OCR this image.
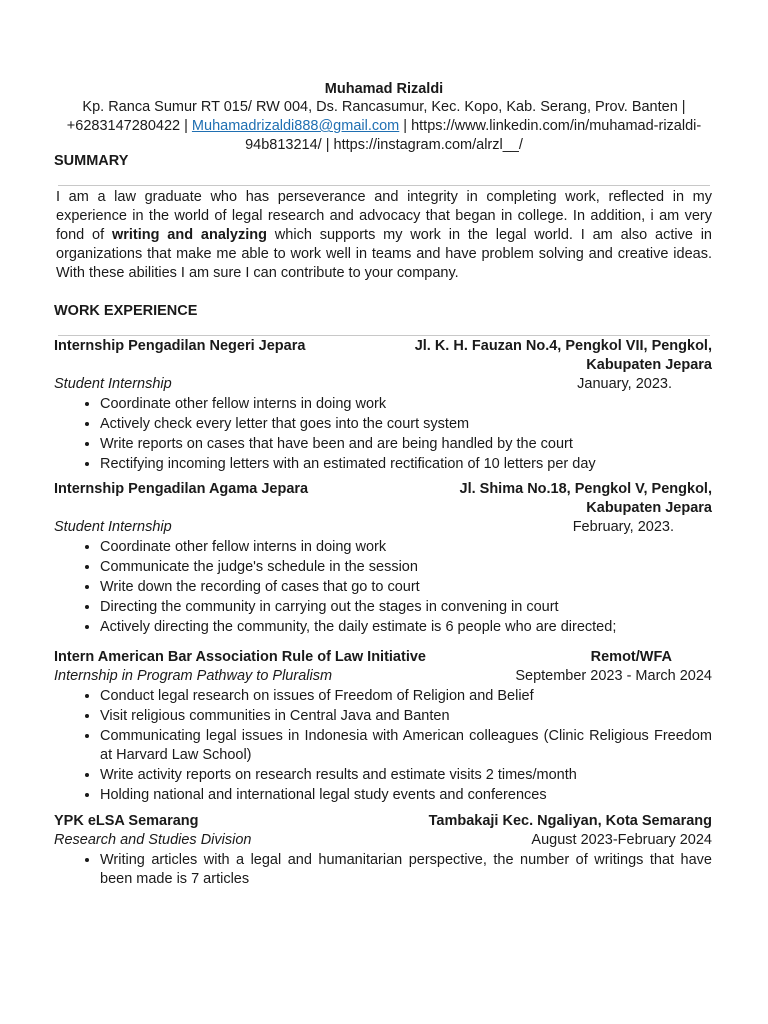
Muhamad Rizaldi
Kp. Ranca Sumur RT 015/ RW 004, Ds. Rancasumur, Kec. Kopo, Kab. Serang, Prov. Banten |
+6283147280422 | Muhamadrizaldi888@gmail.com | https://www.linkedin.com/in/muhamad-rizaldi-94b813214/ | https://instagram.com/alrzl__/
SUMMARY
I am a law graduate who has perseverance and integrity in completing work, reflected in my experience in the world of legal research and advocacy that began in college. In addition, i am very fond of writing and analyzing which supports my work in the legal world. I am also active in organizations that make me able to work well in teams and have problem solving and creative ideas. With these abilities I am sure I can contribute to your company.
WORK EXPERIENCE
Internship Pengadilan Negeri Jepara	Jl. K. H. Fauzan No.4, Pengkol VII, Pengkol,
Kabupaten Jepara
Student Internship	January, 2023.
• Coordinate other fellow interns in doing work
• Actively check every letter that goes into the court system
• Write reports on cases that have been and are being handled by the court
• Rectifying incoming letters with an estimated rectification of 10 letters per day
Internship Pengadilan Agama Jepara	Jl. Shima No.18, Pengkol V, Pengkol,
Kabupaten Jepara
Student Internship	February, 2023.
• Coordinate other fellow interns in doing work
• Communicate the judge's schedule in the session
• Write down the recording of cases that go to court
• Directing the community in carrying out the stages in convening in court
• Actively directing the community, the daily estimate is 6 people who are directed;
Intern American Bar Association Rule of Law Initiative	Remot/WFA
Internship in Program Pathway to Pluralism	September 2023 - March 2024
• Conduct legal research on issues of Freedom of Religion and Belief
• Visit religious communities in Central Java and Banten
• Communicating legal issues in Indonesia with American colleagues (Clinic Religious Freedom at Harvard Law School)
• Write activity reports on research results and estimate visits 2 times/month
• Holding national and international legal study events and conferences
YPK eLSA Semarang	Tambakaji Kec. Ngaliyan, Kota Semarang
Research and Studies Division	August 2023-February 2024
• Writing articles with a legal and humanitarian perspective, the number of writings that have been made is 7 articles
